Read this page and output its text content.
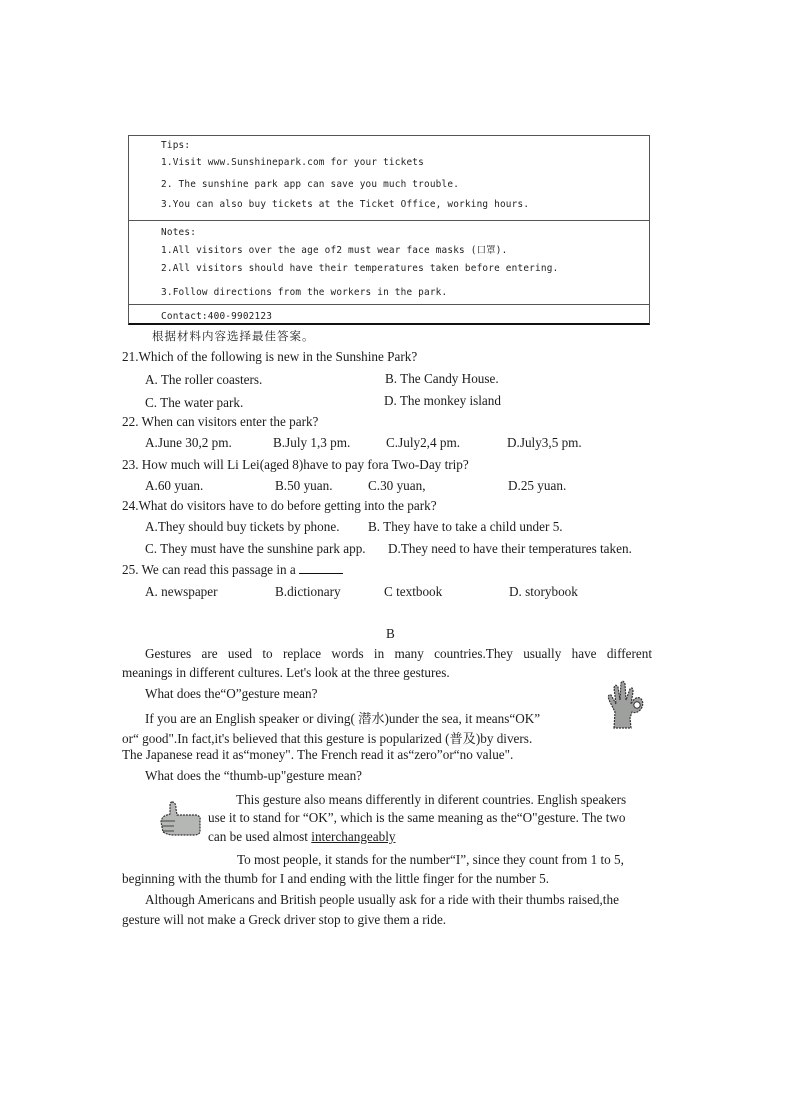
Tips:
1.Visit www.Sunshinepark.com for your tickets
2. The sunshine park app can save you much trouble.
3.You can also buy tickets at the Ticket Office, working hours.
Notes:
1.All visitors over the age of2 must wear face masks (口罩).
2.All visitors should have their temperatures taken before entering.
3.Follow directions from the workers in the park.
Contact:400-9902123
根据材料内容选择最佳答案。
21.Which of the following is new in the Sunshine Park?
A. The roller coasters.	B. The Candy House.
C. The water park.	D. The monkey island
22. When can visitors enter the park?
A.June 30,2 pm.	B.July 1,3 pm.	C.July2,4 pm.	D.July3,5 pm.
23. How much will Li Lei(aged 8)have to pay fora Two-Day trip?
A.60 yuan.	B.50 yuan.	C.30 yuan,	D.25 yuan.
24.What do visitors have to do before getting into the park?
A.They should buy tickets by phone. B. They have to take a child under 5.
C. They must have the sunshine park app. D.They need to have their temperatures taken.
25. We can read this passage in a
A. newspaper	B.dictionary	C textbook	D. storybook
B
Gestures are used to replace words in many countries.They usually have different
meanings in different cultures. Let's look at the three gestures.
What does the“O”gesture mean?
If you are an English speaker or diving( 潜水)under the sea, it means“OK”
or“ good".In fact,it's believed that this gesture is popularized (普及)by divers.
The Japanese read it as“money". The French read it as“zero”or“no value".
What does the “thumb-up"gesture mean?
This gesture also means differently in diferent countries. English speakers
use it to stand for “OK”, which is the same meaning as the“O"gesture. The two
can be used almost interchangeably
To most people, it stands for the number“I”, since they count from 1 to 5,
beginning with the thumb for I and ending with the little finger for the number 5.
Although Americans and British people usually ask for a ride with their thumbs raised,the
gesture will not make a Greck driver stop to give them a ride.
